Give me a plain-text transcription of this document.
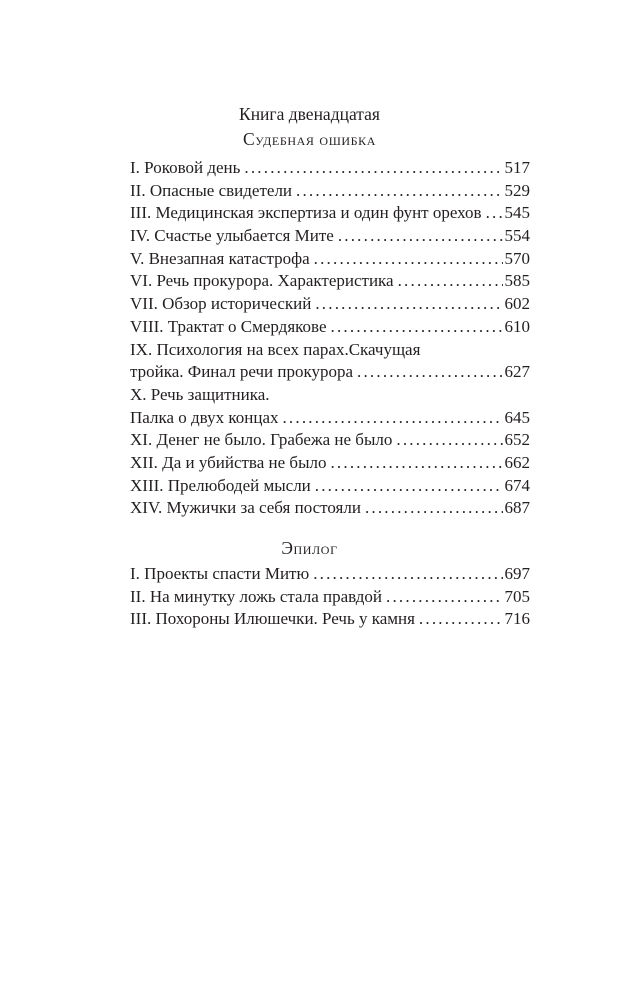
Книга двенадцатая
Судебная ошибка
I. Роковой день .....	517
II. Опасные свидетели .....	529
III. Медицинская экспертиза и один фунт орехов ..... 545
IV. Счастье улыбается Мите .....	554
V. Внезапная катастрофа .....	570
VI. Речь прокурора. Характеристика .....	585
VII. Обзор исторический .....	602
VIII. Трактат о Смердякове .....	610
IX. Психология на всех парах.Скачущая
тройка. Финал речи прокурора .....	627
X. Речь защитника.
Палка о двух концах .....	645
XI. Денег не было. Грабежа не было .....	652
XII. Да и убийства не было .....	662
XIII. Прелюбодей мысли .....	674
XIV. Мужички за себя постояли .....	687
Эпилог
I. Проекты спасти Митю .....	697
II. На минутку ложь стала правдой .....	705
III. Похороны Илюшечки. Речь у камня .....	716
